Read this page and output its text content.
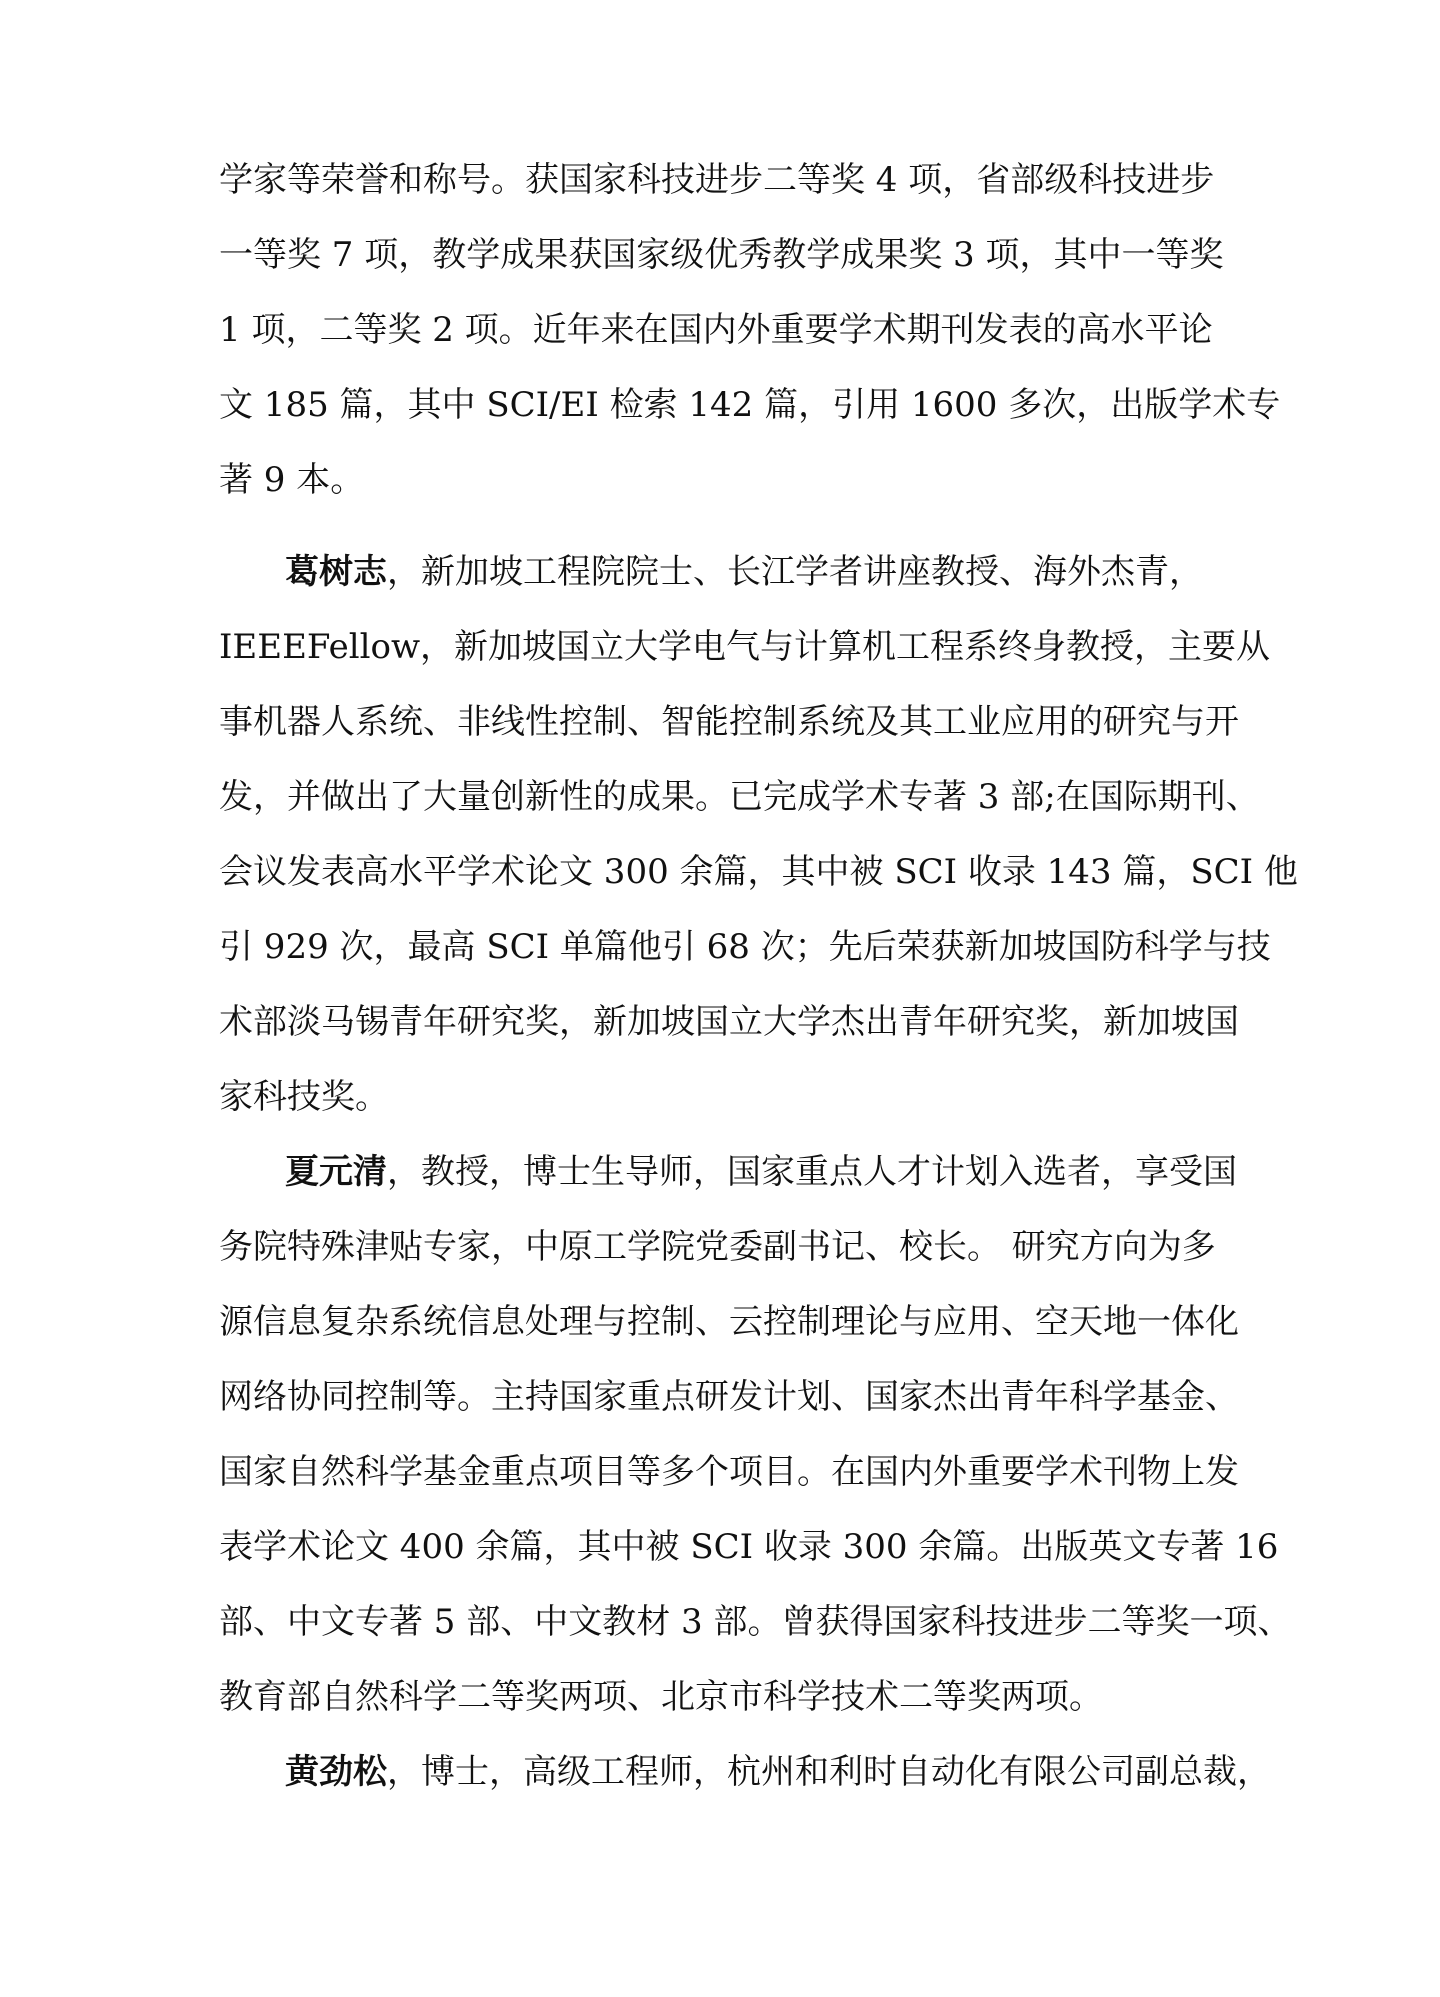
学家等荣誉和称号。获国家科技进步二等奖 4 项，省部级科技进步

一等奖 7 项，教学成果获国家级优秀教学成果奖 3 项，其中一等奖

1 项，二等奖 2 项。近年来在国内外重要学术期刊发表的高水平论

文 185 篇，其中 SCI/EI 检索 142 篇，引用 1600 多次，出版学术专

著 9 本。

葛树志，新加坡工程院院士、长江学者讲座教授、海外杰青，

IEEEFellow，新加坡国立大学电气与计算机工程系终身教授，主要从

事机器人系统、非线性控制、智能控制系统及其工业应用的研究与开

发，并做出了大量创新性的成果。已完成学术专著 3 部;在国际期刊、

会议发表高水平学术论文 300 余篇，其中被 SCI 收录 143 篇，SCI 他

引 929 次，最高 SCI 单篇他引 68 次；先后荣获新加坡国防科学与技

术部淡马锡青年研究奖，新加坡国立大学杰出青年研究奖，新加坡国

家科技奖。

夏元清，教授，博士生导师，国家重点人才计划入选者，享受国

务院特殊津贴专家，中原工学院党委副书记、校长。 研究方向为多

源信息复杂系统信息处理与控制、云控制理论与应用、空天地一体化

网络协同控制等。主持国家重点研发计划、国家杰出青年科学基金、

国家自然科学基金重点项目等多个项目。在国内外重要学术刊物上发

表学术论文 400 余篇，其中被 SCI 收录 300 余篇。出版英文专著 16

部、中文专著 5 部、中文教材 3 部。曾获得国家科技进步二等奖一项、

教育部自然科学二等奖两项、北京市科学技术二等奖两项。

黄劲松，博士，高级工程师，杭州和利时自动化有限公司副总裁，
